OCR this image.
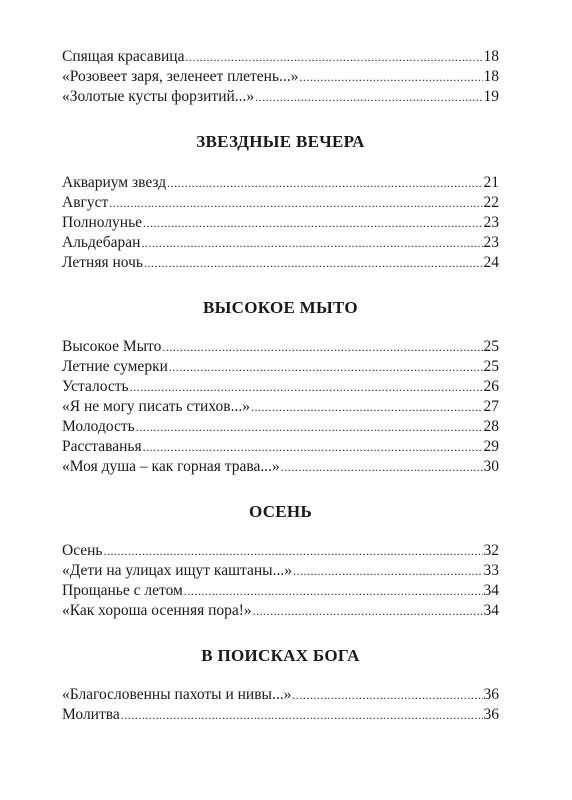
Спящая красавица .....	18
«Розовеет заря, зеленеет плетень...» .....	18
«Золотые кусты форзитий...» .....	19
ЗВЕЗДНЫЕ ВЕЧЕРА
Аквариум звезд .....	21
Август .....	22
Полнолунье .....	23
Альдебаран .....	23
Летняя ночь .....	24
ВЫСОКОЕ МЫТО
Высокое Мыто .....	25
Летние сумерки .....	25
Усталость .....	26
«Я не могу писать стихов...» .....	27
Молодость .....	28
Расставанья .....	29
«Моя душа – как горная трава...» .....	30
ОСЕНЬ
Осень .....	32
«Дети на улицах ищут каштаны...» .....	33
Прощанье с летом .....	34
«Как хороша осенняя пора!» .....	34
В ПОИСКАХ БОГА
«Благословенны пахоты и нивы...» .....	36
Молитва .....	36
